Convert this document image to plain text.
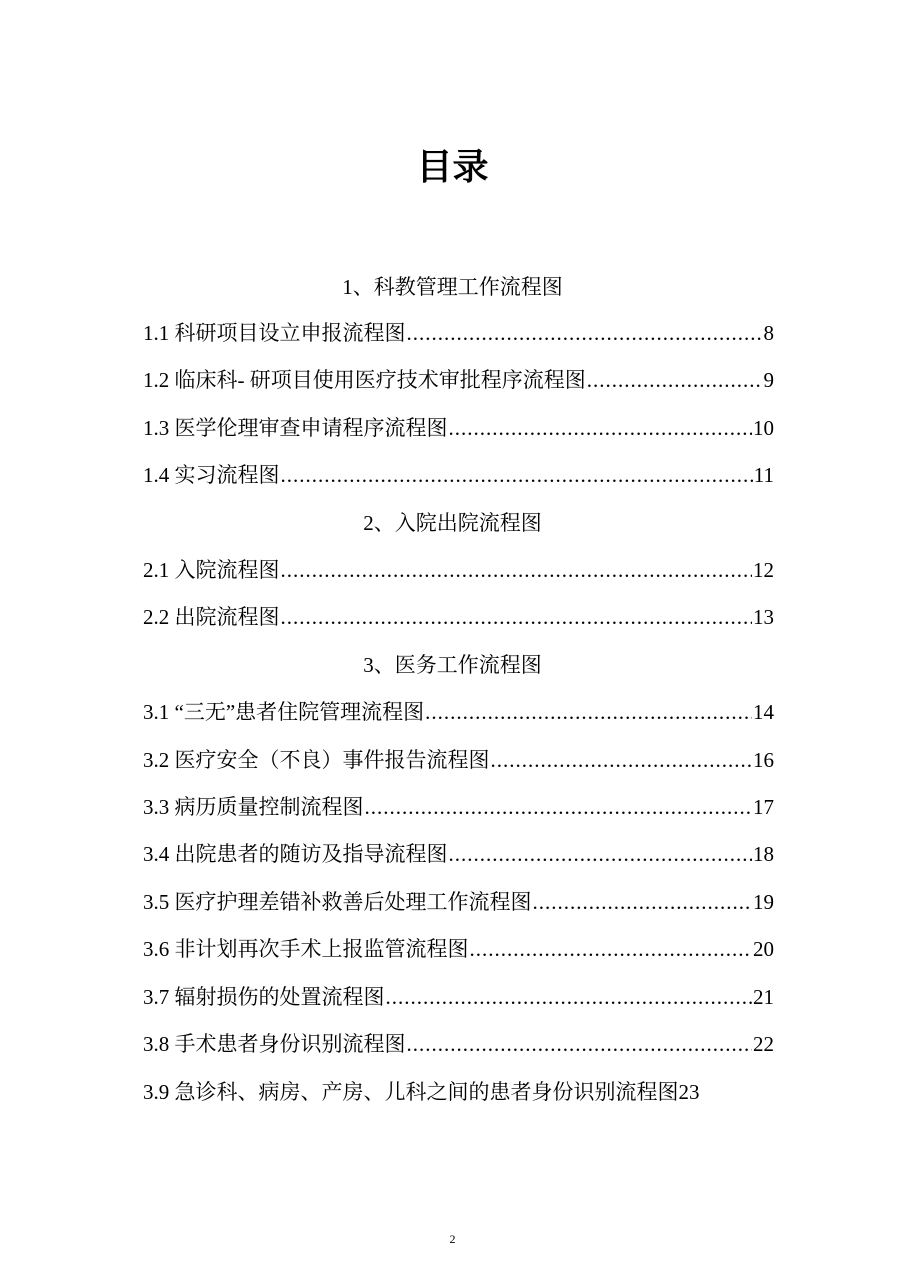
目录
1、科教管理工作流程图
1.1 科研项目设立申报流程图 .....	8
1.2 临床科- 研项目使用医疗技术审批程序流程图 .....	9
1.3 医学伦理审查申请程序流程图 .....	10
1.4 实习流程图 .....	11
2、入院出院流程图
2.1 入院流程图 .....	12
2.2 出院流程图 .....	13
3、医务工作流程图
3.1 “三无”患者住院管理流程图 .....	14
3.2 医疗安全（不良）事件报告流程图 .....	16
3.3 病历质量控制流程图 .....	17
3.4 出院患者的随访及指导流程图 .....	18
3.5 医疗护理差错补救善后处理工作流程图 .....	19
3.6 非计划再次手术上报监管流程图 .....	20
3.7 辐射损伤的处置流程图 .....	21
3.8 手术患者身份识别流程图 .....	22
3.9 急诊科、病房、产房、儿科之间的患者身份识别流程图 23
2
